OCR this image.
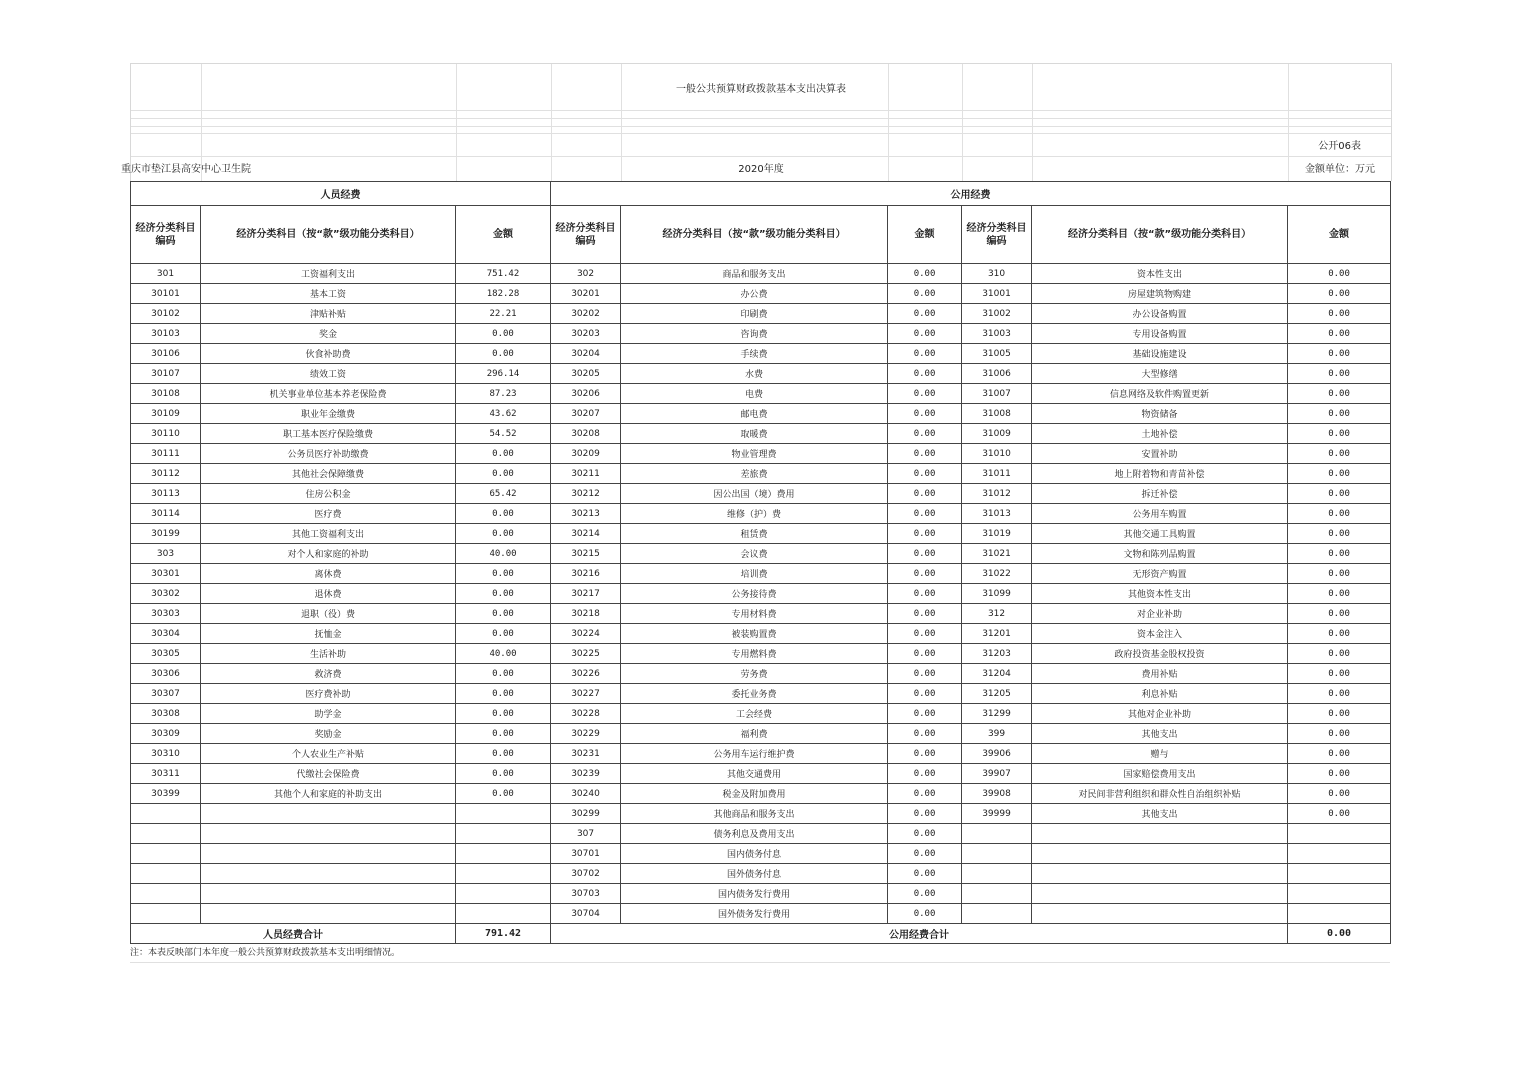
一般公共预算财政拨款基本支出决算表
公开06表
重庆市垫江县高安中心卫生院	2020年度	金额单位：万元
人员经费			公用经费					
经济分类科目编码	经济分类科目（按“款”级功能分类科目）	金额	经济分类科目编码	经济分类科目（按“款”级功能分类科目）	金额	经济分类科目编码	经济分类科目（按“款”级功能分类科目）	金额
301	工资福利支出	751.42	302	商品和服务支出	0.00	310	资本性支出	0.00
30101	基本工资	182.28	30201	办公费	0.00	31001	房屋建筑物购建	0.00
30102	津贴补贴	22.21	30202	印刷费	0.00	31002	办公设备购置	0.00
30103	奖金	0.00	30203	咨询费	0.00	31003	专用设备购置	0.00
30106	伙食补助费	0.00	30204	手续费	0.00	31005	基础设施建设	0.00
30107	绩效工资	296.14	30205	水费	0.00	31006	大型修缮	0.00
30108	机关事业单位基本养老保险费	87.23	30206	电费	0.00	31007	信息网络及软件购置更新	0.00
30109	职业年金缴费	43.62	30207	邮电费	0.00	31008	物资储备	0.00
30110	职工基本医疗保险缴费	54.52	30208	取暖费	0.00	31009	土地补偿	0.00
30111	公务员医疗补助缴费	0.00	30209	物业管理费	0.00	31010	安置补助	0.00
30112	其他社会保障缴费	0.00	30211	差旅费	0.00	31011	地上附着物和青苗补偿	0.00
30113	住房公积金	65.42	30212	因公出国（境）费用	0.00	31012	拆迁补偿	0.00
30114	医疗费	0.00	30213	维修（护）费	0.00	31013	公务用车购置	0.00
30199	其他工资福利支出	0.00	30214	租赁费	0.00	31019	其他交通工具购置	0.00
303	对个人和家庭的补助	40.00	30215	会议费	0.00	31021	文物和陈列品购置	0.00
30301	离休费	0.00	30216	培训费	0.00	31022	无形资产购置	0.00
30302	退休费	0.00	30217	公务接待费	0.00	31099	其他资本性支出	0.00
30303	退职（役）费	0.00	30218	专用材料费	0.00	312	对企业补助	0.00
30304	抚恤金	0.00	30224	被装购置费	0.00	31201	资本金注入	0.00
30305	生活补助	40.00	30225	专用燃料费	0.00	31203	政府投资基金股权投资	0.00
30306	救济费	0.00	30226	劳务费	0.00	31204	费用补贴	0.00
30307	医疗费补助	0.00	30227	委托业务费	0.00	31205	利息补贴	0.00
30308	助学金	0.00	30228	工会经费	0.00	31299	其他对企业补助	0.00
30309	奖励金	0.00	30229	福利费	0.00	399	其他支出	0.00
30310	个人农业生产补贴	0.00	30231	公务用车运行维护费	0.00	39906	赠与	0.00
30311	代缴社会保险费	0.00	30239	其他交通费用	0.00	39907	国家赔偿费用支出	0.00
30399	其他个人和家庭的补助支出	0.00	30240	税金及附加费用	0.00	39908	对民间非营利组织和群众性自治组织补贴	0.00
			30299	其他商品和服务支出	0.00	39999	其他支出	0.00
			307	债务利息及费用支出	0.00			
			30701	国内债务付息	0.00			
			30702	国外债务付息	0.00			
			30703	国内债务发行费用	0.00			
			30704	国外债务发行费用	0.00			
人员经费合计		791.42	公用经费合计					0.00
注：本表反映部门本年度一般公共预算财政拨款基本支出明细情况。
